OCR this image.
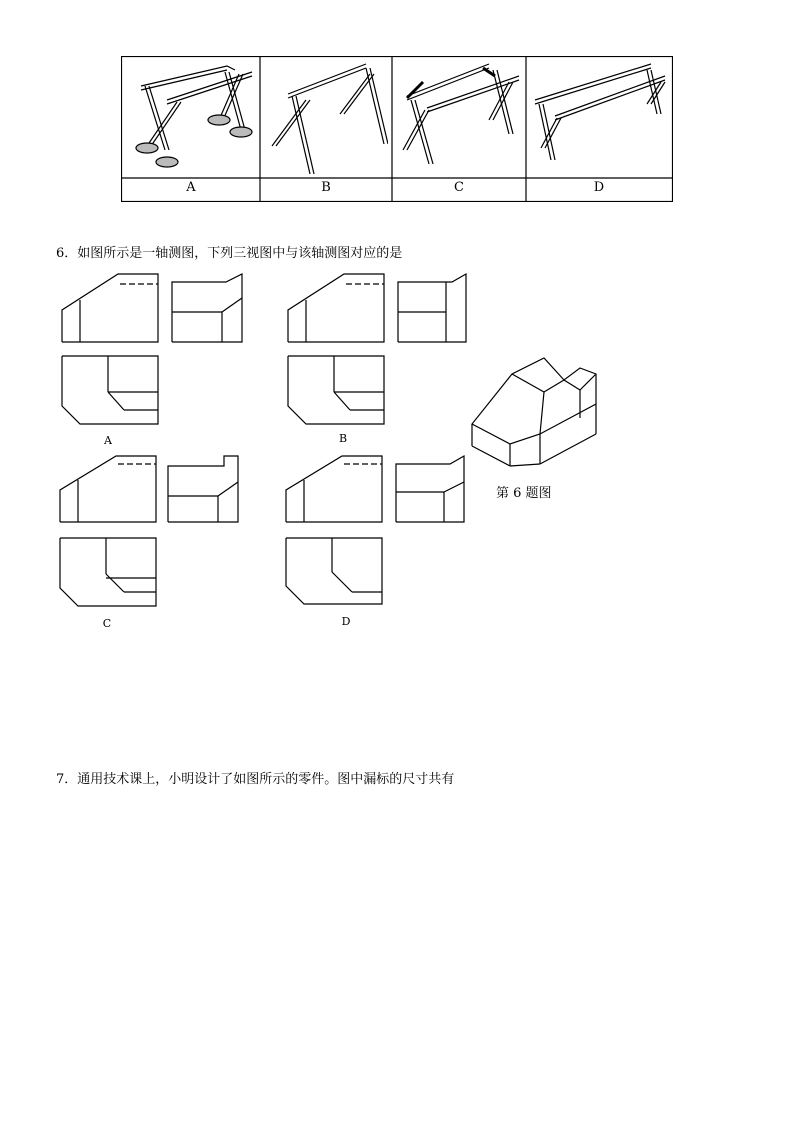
A	B	C	D
6．如图所示是一轴测图，下列三视图中与该轴测图对应的是
A	B
C	D
第 6 题图
7．通用技术课上，小明设计了如图所示的零件。图中漏标的尺寸共有
